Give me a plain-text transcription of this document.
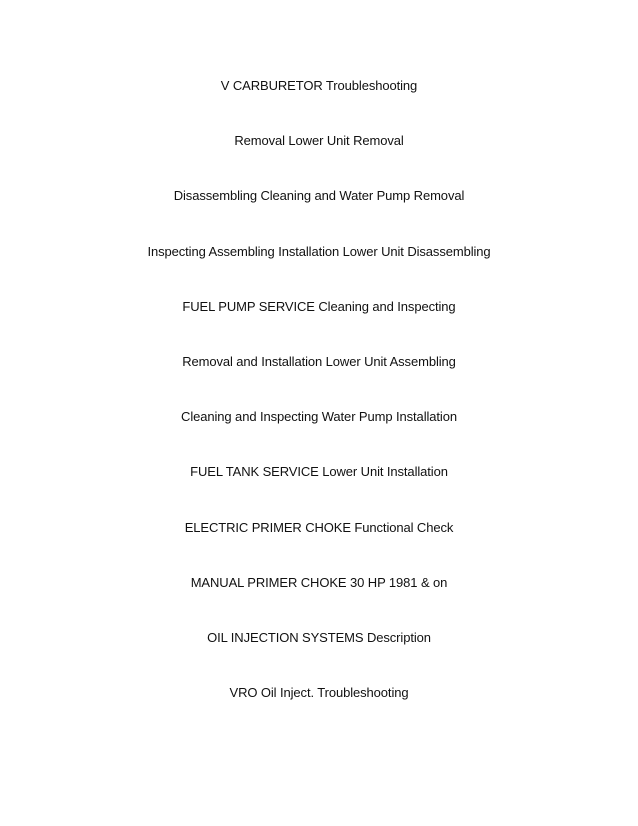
V CARBURETOR Troubleshooting
Removal Lower Unit Removal
Disassembling Cleaning and Water Pump Removal
Inspecting Assembling Installation Lower Unit Disassembling
FUEL PUMP SERVICE Cleaning and Inspecting
Removal and Installation Lower Unit Assembling
Cleaning and Inspecting Water Pump Installation
FUEL TANK SERVICE Lower Unit Installation
ELECTRIC PRIMER CHOKE Functional Check
MANUAL PRIMER CHOKE 30 HP 1981 & on
OIL INJECTION SYSTEMS Description
VRO Oil Inject. Troubleshooting
